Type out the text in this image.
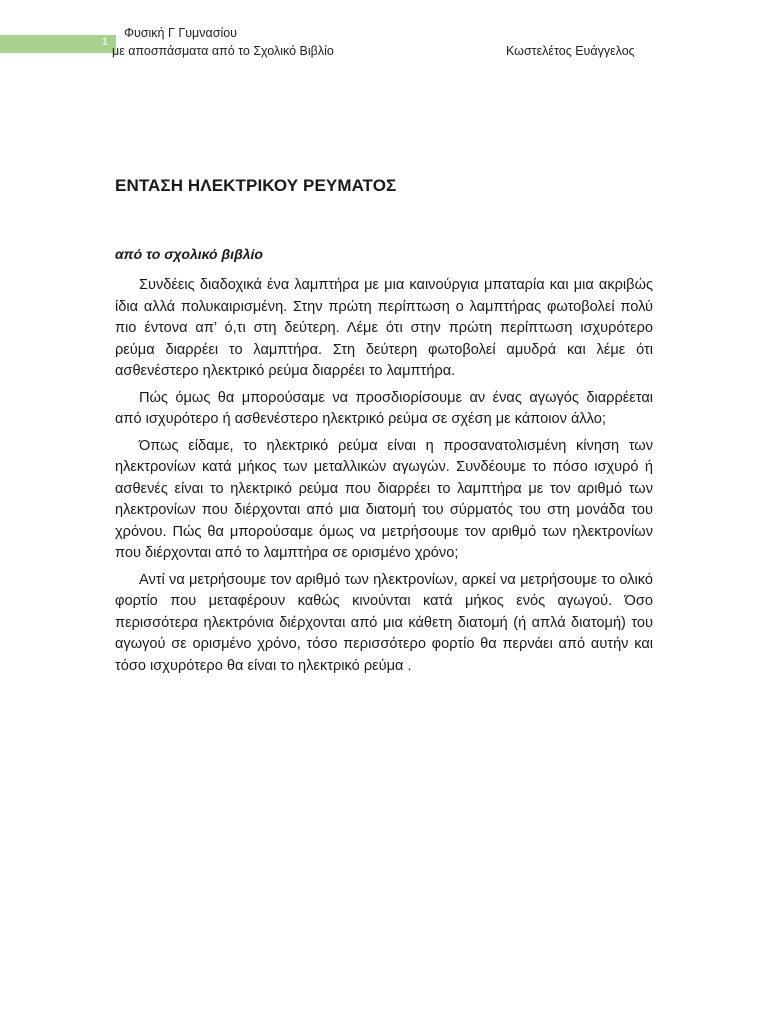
1
Φυσική Γ Γυμνασίου
με αποσπάσματα από το Σχολικό Βιβλίο	Κωστελέτος Ευάγγελος
ΕΝΤΑΣΗ ΗΛΕΚΤΡΙΚΟΥ ΡΕΥΜΑΤΟΣ
από το σχολικό βιβλίο

Συνδέεις διαδοχικά ένα λαμπτήρα με μια καινούργια μπαταρία και μια ακριβώς ίδια αλλά πολυκαιρισμένη. Στην πρώτη περίπτωση ο λαμπτήρας φωτοβολεί πολύ πιο έντονα απ’ ό,τι στη δεύτερη. Λέμε ότι στην πρώτη περίπτωση ισχυρότερο ρεύμα διαρρέει το λαμπτήρα. Στη δεύτερη φωτοβολεί αμυδρά και λέμε ότι ασθενέστερο ηλεκτρικό ρεύμα διαρρέει το λαμπτήρα.

Πώς όμως θα μπορούσαμε να προσδιορίσουμε αν ένας αγωγός διαρρέεται από ισχυρότερο ή ασθενέστερο ηλεκτρικό ρεύμα σε σχέση με κάποιον άλλο;

Όπως είδαμε, το ηλεκτρικό ρεύμα είναι η προσανατολισμένη κίνηση των ηλεκτρονίων κατά μήκος των μεταλλικών αγωγών. Συνδέουμε το πόσο ισχυρό ή ασθενές είναι το ηλεκτρικό ρεύμα που διαρρέει το λαμπτήρα με τον αριθμό των ηλεκτρονίων που διέρχονται από μια διατομή του σύρματός του στη μονάδα του χρόνου. Πώς θα μπορούσαμε όμως να μετρήσουμε τον αριθμό των ηλεκτρονίων που διέρχονται από το λαμπτήρα σε ορισμένο χρόνο;

Αντί να μετρήσουμε τον αριθμό των ηλεκτρονίων, αρκεί να μετρήσουμε το ολικό φορτίο που μεταφέρουν καθώς κινούνται κατά μήκος ενός αγωγού. Όσο περισσότερα ηλεκτρόνια διέρχονται από μια κάθετη διατομή (ή απλά διατομή) του αγωγού σε ορισμένο χρόνο, τόσο περισσότερο φορτίο θα περνάει από αυτήν και τόσο ισχυρότερο θα είναι το ηλεκτρικό ρεύμα .
